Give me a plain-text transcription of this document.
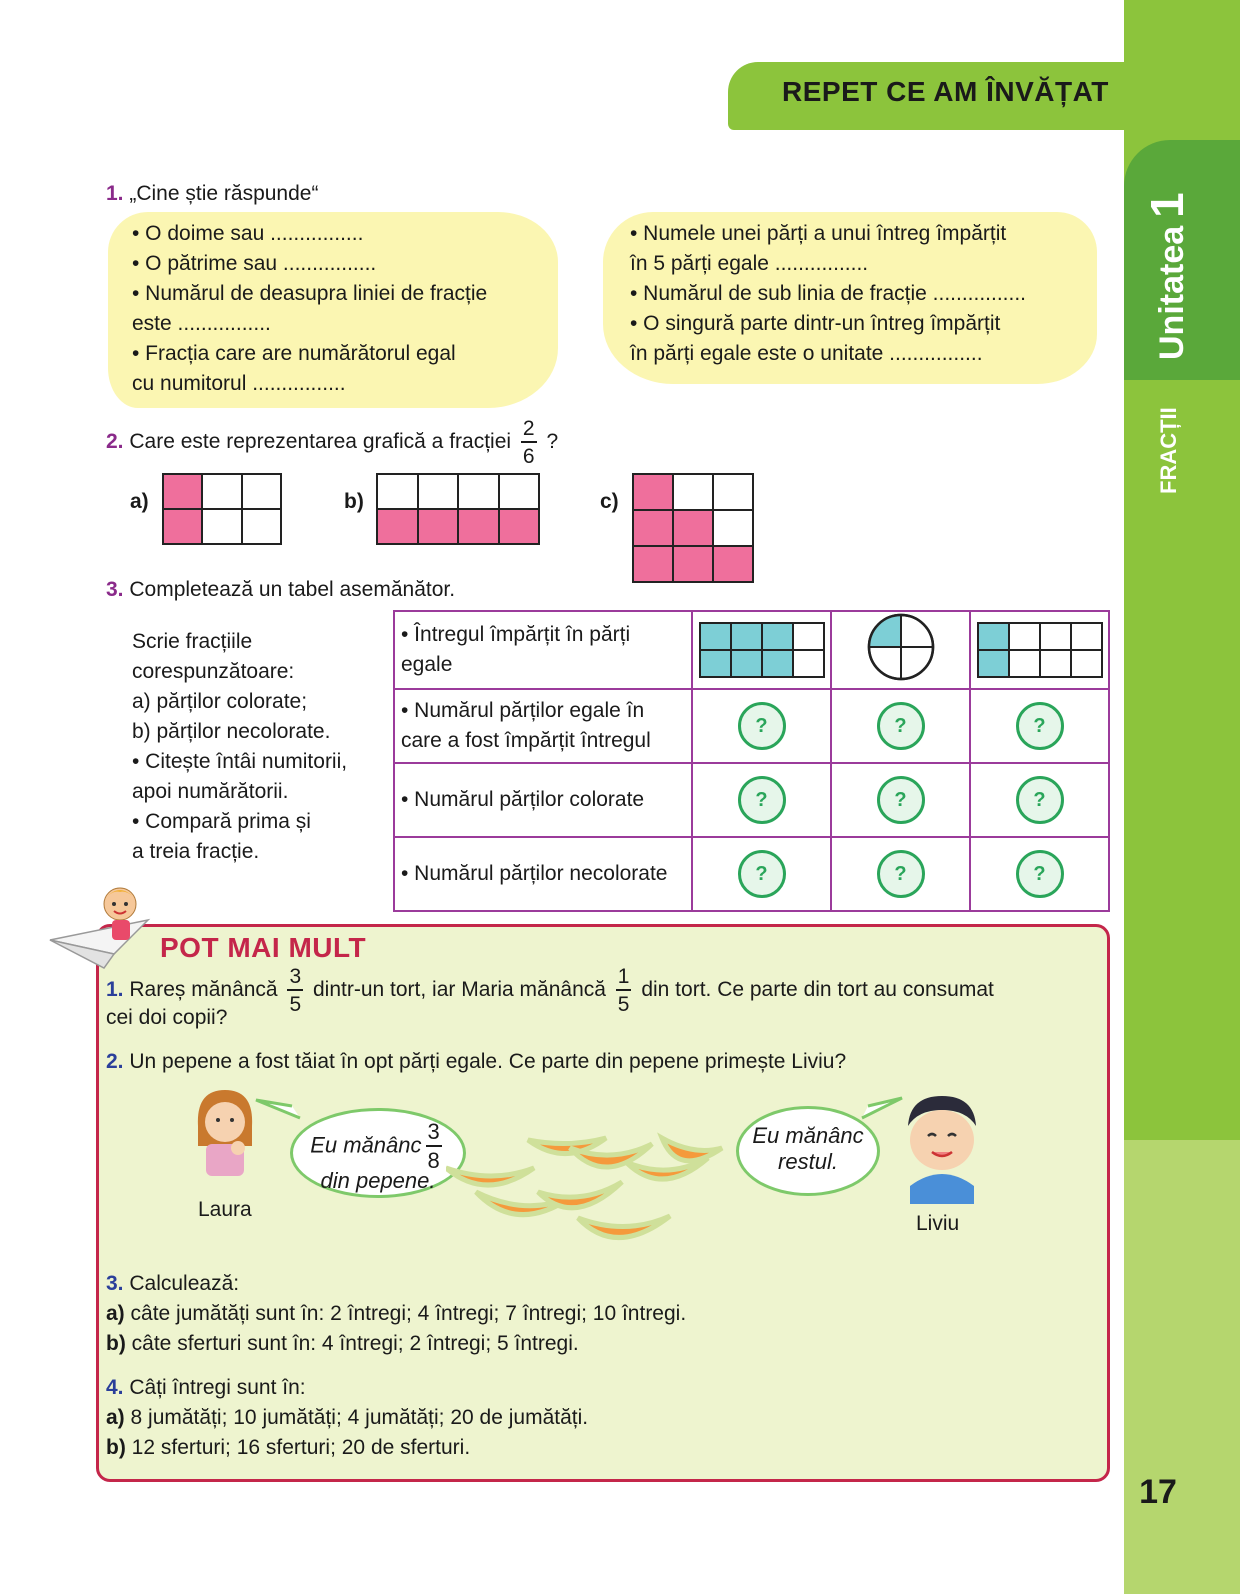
Unitatea1
FRACȚII
17
REPET CE AM ÎNVĂȚAT
1. „Cine știe răspunde“
• O doime sau ................
• O pătrime sau ................
• Numărul de deasupra liniei de fracție
este ................
• Fracția care are numărătorul egal
cu numitorul ................
• Numele unei părți a unui întreg împărțit
în 5 părți egale ................
• Numărul de sub linia de fracție ................
• O singură parte dintr-un întreg împărțit
în părți egale este o unitate ................
2. Care este reprezentarea grafică a fracției $\frac{2}{6}$ ?
a)	b)	c)
3. Completează un tabel asemănător.
Scrie fracțiile
corespunzătoare:
a) părților colorate;
b) părților necolorate.
• Citește întâi numitorii,
apoi numărătorii.
• Compară prima și
a treia fracție.
• Întregul împărțit în părți egale	

• Numărul părților egale în care a fost împărțit întregul	?	?	?
• Numărul părților colorate	?	?	?
• Numărul părților necolorate	?	?	?
POT MAI MULT
1. Rareș mănâncă $\frac{3}{5}$ dintr-un tort, iar Maria mănâncă $\frac{1}{5}$ din tort. Ce parte din tort au consumat
cei doi copii?
2. Un pepene a fost tăiat în opt părți egale. Ce parte din pepene primește Liviu?
Laura
Eu mănânc $\frac{3}{8}$
din pepene.
Eu mănânc
restul.
Liviu
3. Calculează:
a) câte jumătăți sunt în: 2 întregi; 4 întregi; 7 întregi; 10 întregi.
b) câte sferturi sunt în: 4 întregi; 2 întregi; 5 întregi.
4. Câți întregi sunt în:
a) 8 jumătăți; 10 jumătăți; 4 jumătăți; 20 de jumătăți.
b) 12 sferturi; 16 sferturi; 20 de sferturi.
